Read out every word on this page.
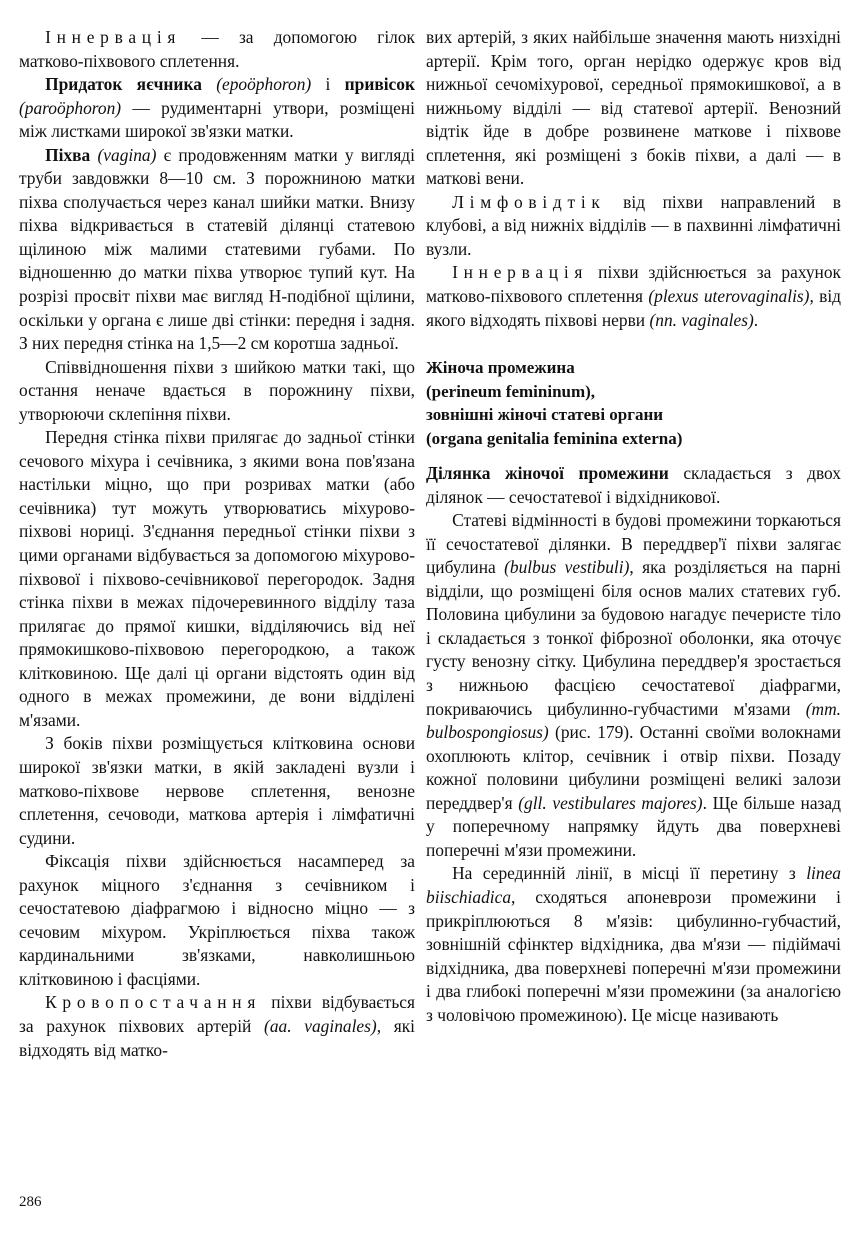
Іннервація — за допомогою гілок матково-піхвового сплетення.

Придаток яєчника (epoöphoron) і привісок (paroöphoron) — рудиментарні утвори, розміщені між листками широкої зв'язки матки.

Піхва (vagina) є продовженням матки у вигляді труби завдовжки 8—10 см. З порожниною матки піхва сполучається через канал шийки матки. Внизу піхва відкривається в статевій ділянці статевою щілиною між малими статевими губами. По відношенню до матки піхва утворює тупий кут. На розрізі просвіт піхви має вигляд Н-подібної щілини, оскільки у органа є лише дві стінки: передня і задня. З них передня стінка на 1,5—2 см коротша задньої.

Співвідношення піхви з шийкою матки такі, що остання неначе вдається в порожнину піхви, утворюючи склепіння піхви.

Передня стінка піхви прилягає до задньої стінки сечового міхура і сечівника, з якими вона пов'язана настільки міцно, що при розривах матки (або сечівника) тут можуть утворюватись міхурово-піхвові нориці. З'єднання передньої стінки піхви з цими органами відбувається за допомогою міхурово-піхвової і піхвово-сечівникової перегородок. Задня стінка піхви в межах підочеревинного відділу таза прилягає до прямої кишки, відділяючись від неї прямокишково-піхвовою перегородкою, а також клітковиною. Ще далі ці органи відстоять один від одного в межах промежини, де вони відділені м'язами.

З боків піхви розміщується клітковина основи широкої зв'язки матки, в якій закладені вузли і матково-піхвове нервове сплетення, венозне сплетення, сечоводи, маткова артерія і лімфатичні судини.

Фіксація піхви здійснюється насамперед за рахунок міцного з'єднання з сечівником і сечостатевою діафрагмою і відносно міцно — з сечовим міхуром. Укріплюється піхва також кардинальними зв'язками, навколишньою клітковиною і фасціями.

Кровопостачання піхви відбувається за рахунок піхвових артерій (aa. vaginales), які відходять від матко-

вих артерій, з яких найбільше значення мають низхідні артерії. Крім того, орган нерідко одержує кров від нижньої сечоміхурової, середньої прямокишкової, а в нижньому відділі — від статевої артерії. Венозний відтік йде в добре розвинене маткове і піхвове сплетення, які розміщені з боків піхви, а далі — в маткові вени.

Лімфовідтік від піхви направлений в клубові, а від нижніх відділів — в пахвинні лімфатичні вузли.

Іннервація піхви здійснюється за рахунок матково-піхвового сплетення (plexus uterovaginalis), від якого відходять піхвові нерви (nn. vaginales).

Жіноча промежина
(perineum femininum),
зовнішні жіночі статеві органи
(organa genitalia feminina externa)

Ділянка жіночої промежини складається з двох ділянок — сечостатевої і відхідникової.

Статеві відмінності в будові промежини торкаються її сечостатевої ділянки. В переддвер'ї піхви залягає цибулина (bulbus vestibuli), яка розділяється на парні відділи, що розміщені біля основ малих статевих губ. Половина цибулини за будовою нагадує печеристе тіло і складається з тонкої фіброзної оболонки, яка оточує густу венозну сітку. Цибулина переддвер'я зростається з нижньою фасцією сечостатевої діафрагми, покриваючись цибулинно-губчастими м'язами (mm. bulbospongiosus) (рис. 179). Останні своїми волокнами охоплюють клітор, сечівник і отвір піхви. Позаду кожної половини цибулини розміщені великі залози переддвер'я (gll. vestibulares majores). Ще більше назад у поперечному напрямку йдуть два поверхневі поперечні м'язи промежини.

На серединній лінії, в місці її перетину з linea biischiadica, сходяться апоневрози промежини і прикріплюються 8 м'язів: цибулинно-губчастий, зовнішній сфінктер відхідника, два м'язи — підіймачі відхідника, два поверхневі поперечні м'язи промежини і два глибокі поперечні м'язи промежини (за аналогією з чоловічою промежиною). Це місце називають

286
